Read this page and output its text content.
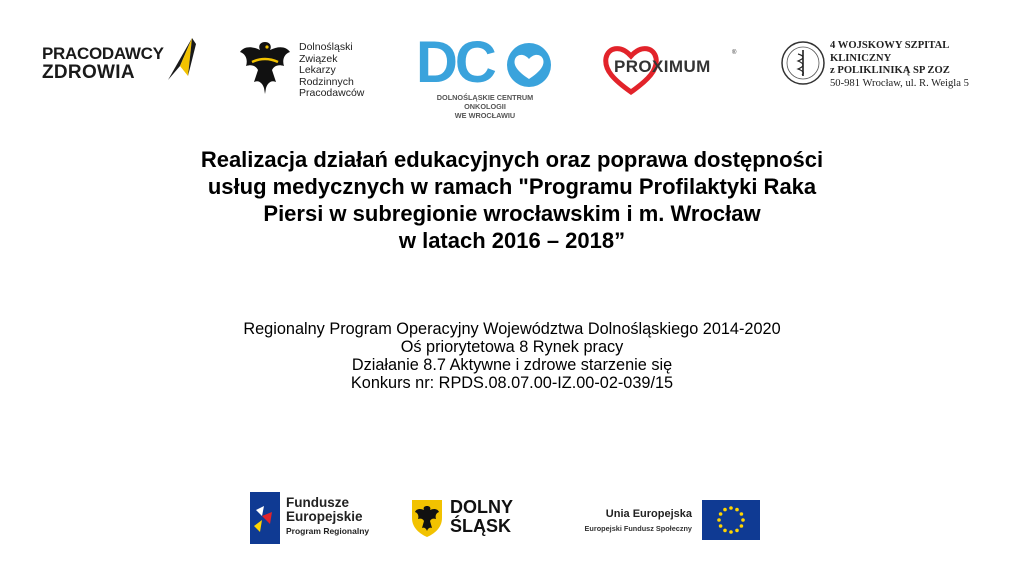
PRACODAWCY
ZDROWIA
Dolnośląski
Związek
Lekarzy
Rodzinnych
Pracodawców DC
DOLNOŚLĄSKIE CENTRUM ONKOLOGII
WE WROCŁAWIU
PROXIMUM
®
4 WOJSKOWY SZPITAL
KLINICZNY
z POLIKLINIKĄ SP ZOZ
50-981 Wrocław, ul. R. Weigla 5
Realizacja działań edukacyjnych oraz poprawa dostępności
usług medycznych w ramach "Programu Profilaktyki Raka
Piersi w subregionie wrocławskim i m. Wrocław
w latach 2016 – 2018”
Regionalny Program Operacyjny Województwa Dolnośląskiego 2014-2020
Oś priorytetowa 8 Rynek pracy
Działanie 8.7 Aktywne i zdrowe starzenie się
Konkurs nr: RPDS.08.07.00-IZ.00-02-039/15
Fundusze
Europejskie
Program Regionalny
DOLNY
ŚLĄSK
Unia Europejska
Europejski Fundusz Społeczny
